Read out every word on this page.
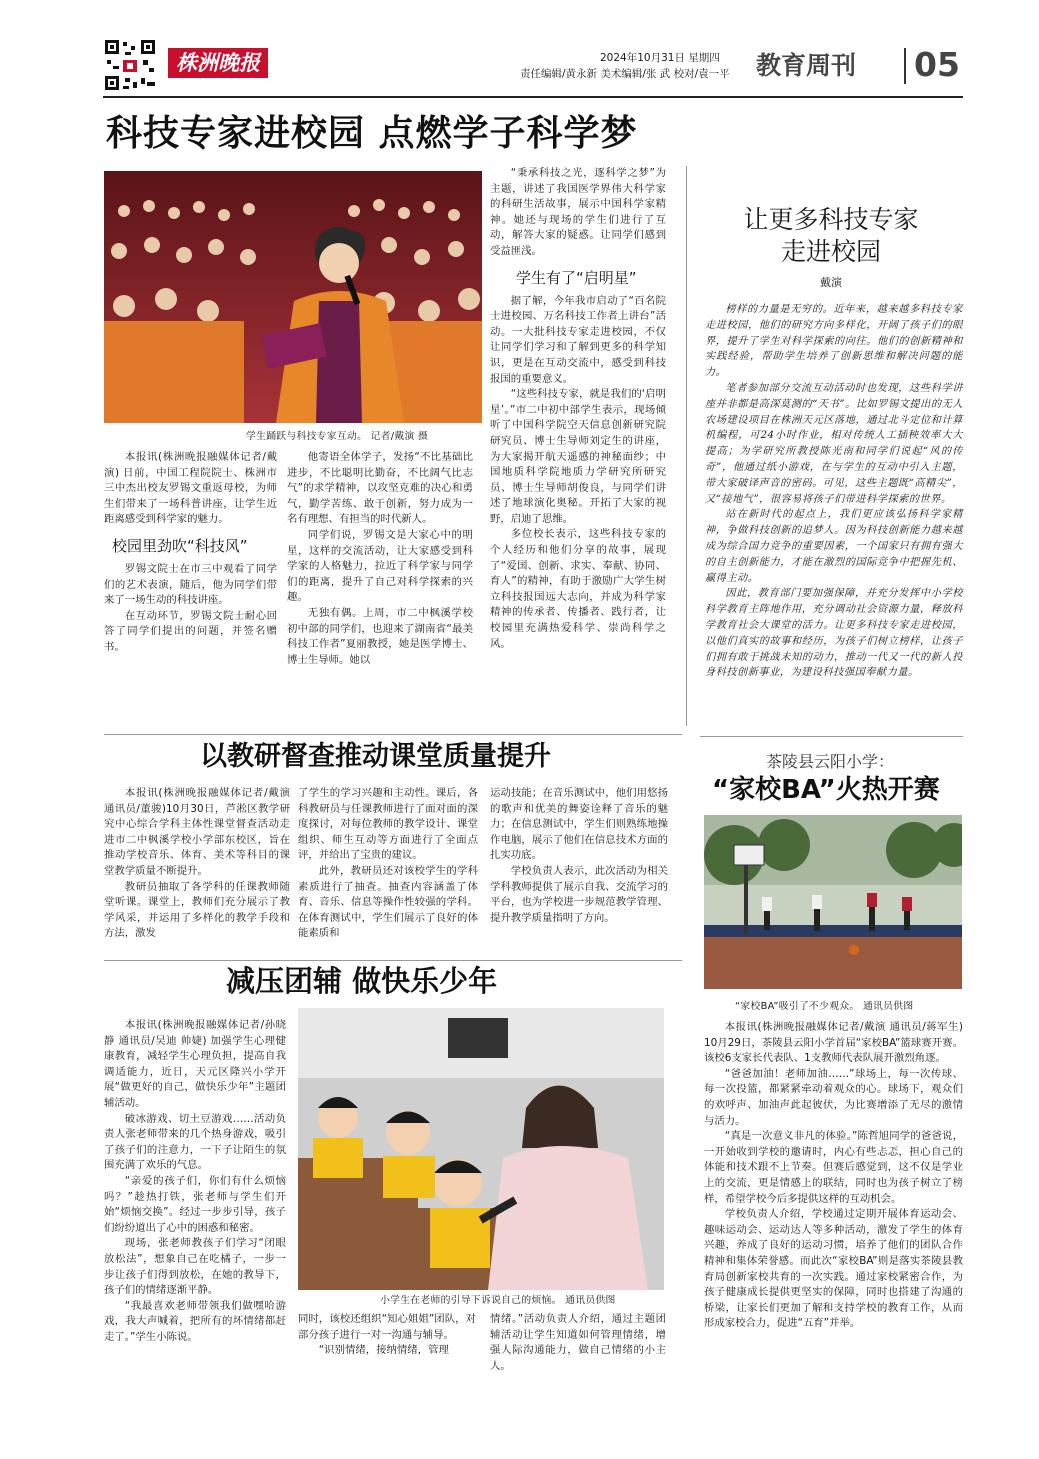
株洲晚报	2024年10月31日 星期四
责任编辑/黄永新 美术编辑/张 武 校对/袁一平 教育周刊 05
科技专家进校园 点燃学子科学梦
学生踊跃与科技专家互动。 记者/戴演 摄

本报讯(株洲晚报融媒体记者/戴演) 日前，中国工程院院士、株洲市三中杰出校友罗锡文重返母校，为师生们带来了一场科普讲座，让学生近距离感受到科学家的魅力。

校园里劲吹“科技风”

罗锡文院士在市三中观看了同学们的艺术表演，随后，他为同学们带来了一场生动的科技讲座。

在互动环节，罗锡文院士耐心回答了同学们提出的问题，并签名赠书。

他寄语全体学子，发扬“不比基础比进步，不比聪明比勤奋，不比阔气比志气”的求学精神，以攻坚克难的决心和勇气，勤学苦练、敢于创新，努力成为一名有理想、有担当的时代新人。

同学们说，罗锡文是大家心中的明星，这样的交流活动，让大家感受到科学家的人格魅力，拉近了科学家与同学们的距离，提升了自己对科学探索的兴趣。

无独有偶。上周，市二中枫溪学校初中部的同学们，也迎来了湖南省“最美科技工作者”夏丽教授，她是医学博士、博士生导师。她以

“秉承科技之光，逐科学之梦”为主题，讲述了我国医学界伟大科学家的科研生活故事，展示中国科学家精神。她还与现场的学生们进行了互动，解答大家的疑惑。让同学们感到受益匪浅。

学生有了“启明星”

据了解，今年我市启动了“百名院士进校园、万名科技工作者上讲台”活动。一大批科技专家走进校园，不仅让同学们学习和了解到更多的科学知识，更是在互动交流中，感受到科技报国的重要意义。

“这些科技专家，就是我们的‘启明星’。”市二中初中部学生表示，现场倾听了中国科学院空天信息创新研究院研究员、博士生导师刘定生的讲座，为大家揭开航天遥感的神秘面纱；中国地质科学院地质力学研究所研究员、博士生导师胡俊良，与同学们讲述了地球演化奥秘。开拓了大家的视野，启迪了思维。

多位校长表示，这些科技专家的个人经历和他们分享的故事，展现了“爱国、创新、求实、奉献、协同、育人”的精神，有助于激励广大学生树立科技报国远大志向，并成为科学家精神的传承者、传播者、践行者，让校园里充满热爱科学、崇尚科学之风。

让更多科技专家
走进校园
戴演

榜样的力量是无穷的。近年来，越来越多科技专家走进校园，他们的研究方向多样化，开阔了孩子们的眼界，提升了学生对科学探索的向往。他们的创新精神和实践经验，帮助学生培养了创新思维和解决问题的能力。

笔者参加部分交流互动活动时也发现，这些科学讲座并非都是高深莫测的“天书”。比如罗锡文提出的无人农场建设项目在株洲天元区落地，通过北斗定位和计算机编程，可24小时作业，相对传统人工插秧效率大大提高；为学研究所教授陈光南和同学们说起“风的传奇”，他通过纸小游戏，在与学生的互动中引入主题，带大家破译声音的密码。可见，这些主题既“高精尖”，又“接地气”，很容易将孩子们带进科学探索的世界。

站在新时代的起点上，我们更应该弘扬科学家精神，争做科技创新的追梦人。因为科技创新能力越来越成为综合国力竞争的重要因素，一个国家只有拥有强大的自主创新能力，才能在激烈的国际竞争中把握先机、赢得主动。

因此，教育部门要加强保障，并充分发挥中小学校科学教育主阵地作用，充分调动社会资源力量，释放科学教育社会大课堂的活力。让更多科技专家走进校园，以他们真实的故事和经历，为孩子们树立榜样，让孩子们拥有敢于挑战未知的动力，推动一代又一代的新人投身科技创新事业，为建设科技强国奉献力量。

以教研督查推动课堂质量提升

本报讯(株洲晚报融媒体记者/戴演 通讯员/董骏)10月30日，芦淞区教学研究中心综合学科主体性课堂督查活动走进市二中枫溪学校小学部东校区，旨在推动学校音乐、体育、美术等科目的课堂教学质量不断提升。

教研员抽取了各学科的任课教师随堂听课。课堂上，教师们充分展示了教学风采，并运用了多样化的教学手段和方法，激发

了学生的学习兴趣和主动性。课后，各科教研员与任课教师进行了面对面的深度探讨，对每位教师的教学设计、课堂组织、师生互动等方面进行了全面点评，并给出了宝贵的建议。

此外，教研员还对该校学生的学科素质进行了抽查。抽查内容涵盖了体育、音乐、信息等操作性较强的学科。在体育测试中，学生们展示了良好的体能素质和

运动技能；在音乐测试中，他们用悠扬的歌声和优美的舞姿诠释了音乐的魅力；在信息测试中，学生们则熟练地操作电脑，展示了他们在信息技术方面的扎实功底。

学校负责人表示，此次活动为相关学科教师提供了展示自我、交流学习的平台，也为学校进一步规范教学管理、提升教学质量指明了方向。

减压团辅 做快乐少年

本报讯(株洲晚报融媒体记者/孙晓静 通讯员/吴迪 帅婕) 加强学生心理健康教育，减轻学生心理负担，提高自我调适能力，近日，天元区隆兴小学开展“做更好的自己，做快乐少年”主题团辅活动。

破冰游戏、切土豆游戏……活动负责人张老师带来的几个热身游戏，吸引了孩子们的注意力，一下子让陌生的氛围充满了欢乐的气息。

“亲爱的孩子们，你们有什么烦恼吗？”趁热打铁，张老师与学生们开始“烦恼交换”。经过一步步引导，孩子们纷纷道出了心中的困惑和秘密。

现场，张老师教孩子们学习“闭眼放松法”，想象自己在吃橘子，一步一步让孩子们得到放松，在她的教导下，孩子们的情绪逐渐平静。

“我最喜欢老师带领我们做嘿哈游戏，我大声喊着，把所有的坏情绪都赶走了。”学生小陈说。

小学生在老师的引导下诉说自己的烦恼。 通讯员供图

同时，该校还组织“知心姐姐”团队，对部分孩子进行一对一沟通与辅导。

“识别情绪，接纳情绪，管理

情绪。”活动负责人介绍，通过主题团辅活动让学生知道如何管理情绪，增强人际沟通能力，做自己情绪的小主人。

茶陵县云阳小学：
“家校BA”火热开赛
“家校BA”吸引了不少观众。 通讯员供图

本报讯(株洲晚报融媒体记者/戴演 通讯员/蒋军生) 10月29日，茶陵县云阳小学首届“家校BA”篮球赛开赛。该校6支家长代表队、1支教师代表队展开激烈角逐。

“爸爸加油！老师加油……”球场上，每一次传球、每一次投篮，都紧紧牵动着观众的心。球场下，观众们的欢呼声、加油声此起彼伏，为比赛增添了无尽的激情与活力。

“真是一次意义非凡的体验。”陈哲旭同学的爸爸说，一开始收到学校的邀请时，内心有些忐忑，担心自己的体能和技术跟不上节奏。但赛后感觉到，这不仅是学业上的交流，更是情感上的联结，同时也为孩子树立了榜样，希望学校今后多提供这样的互动机会。

学校负责人介绍，学校通过定期开展体育运动会、趣味运动会、运动达人等多种活动，激发了学生的体育兴趣，养成了良好的运动习惯，培养了他们的团队合作精神和集体荣誉感。而此次“家校BA”则是落实茶陵县教育局创新家校共育的一次实践。通过家校紧密合作，为孩子健康成长提供更坚实的保障，同时也搭建了沟通的桥梁，让家长们更加了解和支持学校的教育工作，从而形成家校合力，促进“五育”并举。
